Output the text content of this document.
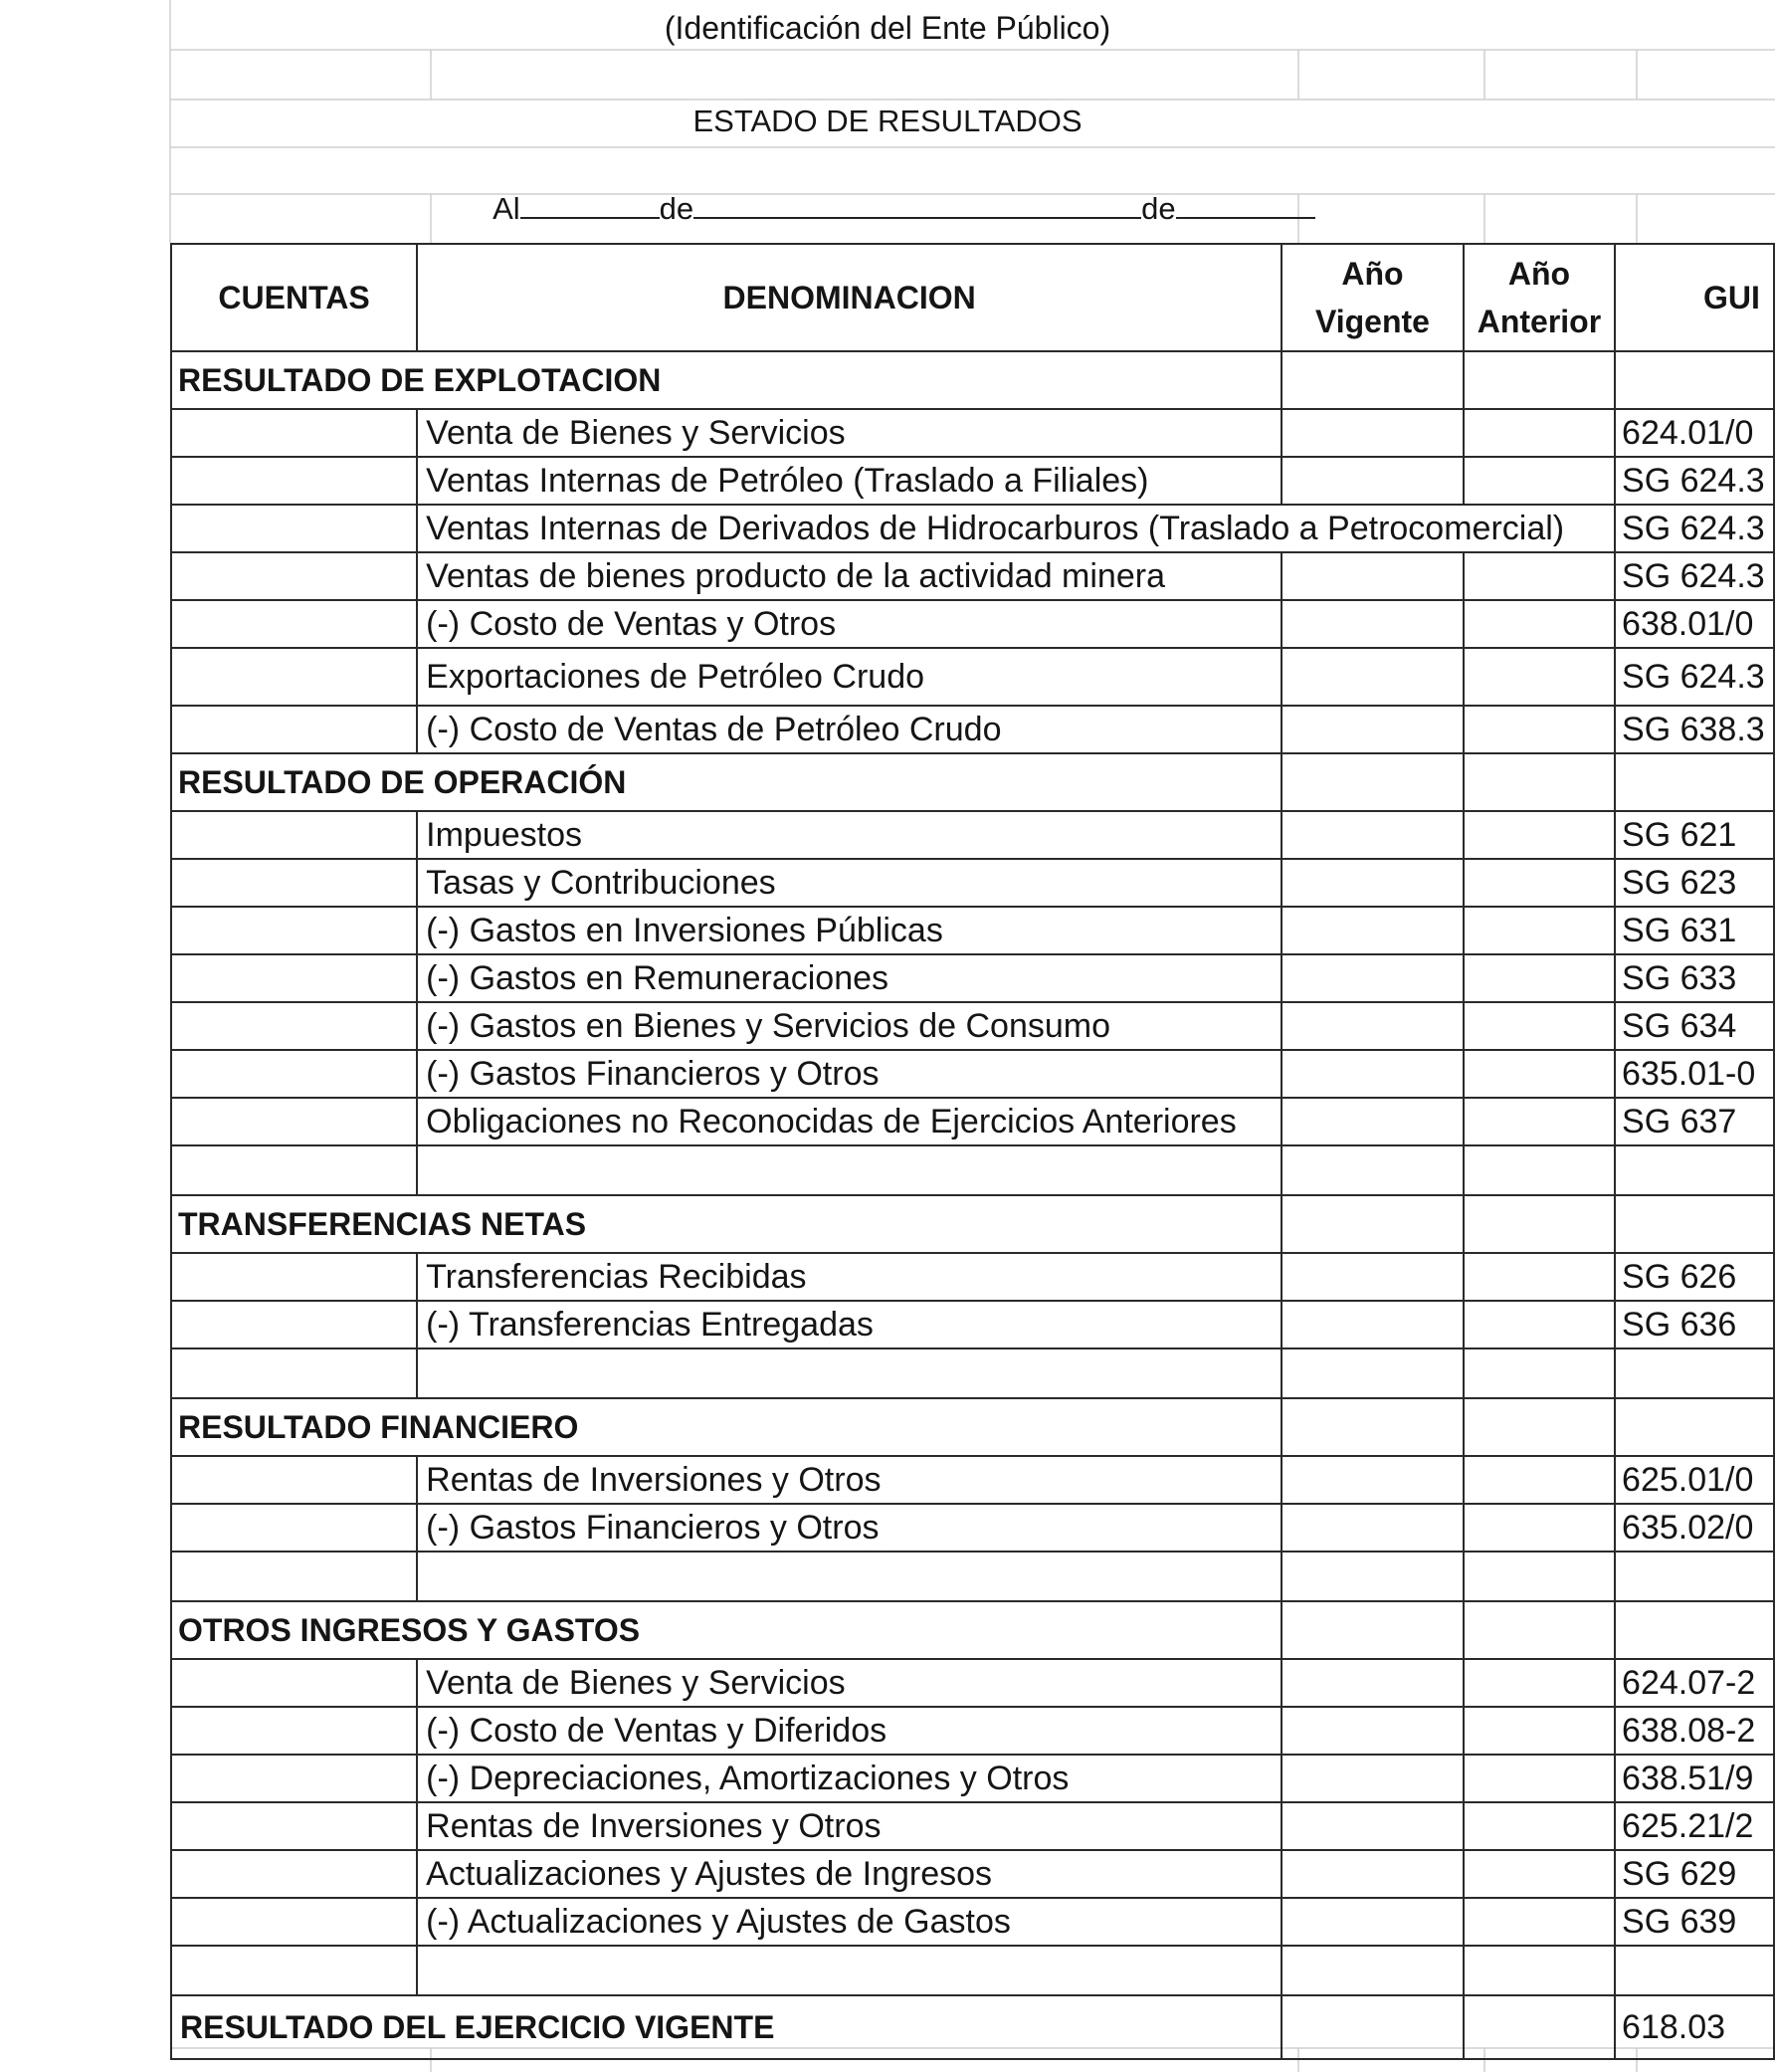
(Identificación del Ente Público)
ESTADO DE RESULTADOS

Al	de	de

CUENTAS	DENOMINACION	Año Vigente	Año Anterior	GUI
RESULTADO DE EXPLOTACION				
	Venta de Bienes y Servicios			624.01/0
	Ventas Internas de Petróleo (Traslado a Filiales)			SG 624.3
	Ventas Internas de Derivados de Hidrocarburos (Traslado a Petrocomercial)			SG 624.3
	Ventas de bienes producto de la actividad minera			SG 624.3
	(-) Costo de Ventas y Otros			638.01/0
	Exportaciones de Petróleo Crudo			SG 624.3
	(-) Costo de Ventas de Petróleo Crudo			SG 638.3
RESULTADO DE OPERACIÓN				
	Impuestos			SG 621
	Tasas y Contribuciones			SG 623
	(-) Gastos en Inversiones Públicas			SG 631
	(-) Gastos en Remuneraciones			SG 633
	(-) Gastos en Bienes y Servicios de Consumo			SG 634
	(-) Gastos Financieros y Otros			635.01-0
	Obligaciones no Reconocidas de Ejercicios Anteriores			SG 637

TRANSFERENCIAS NETAS				
	Transferencias Recibidas			SG 626
	(-) Transferencias Entregadas			SG 636

RESULTADO FINANCIERO				
	Rentas de Inversiones y Otros			625.01/0
	(-) Gastos Financieros y Otros			635.02/0

OTROS INGRESOS Y GASTOS				
	Venta de Bienes y Servicios			624.07-2
	(-) Costo de Ventas y Diferidos			638.08-2
	(-) Depreciaciones, Amortizaciones y Otros			638.51/9
	Rentas de Inversiones y Otros			625.21/2
	Actualizaciones y Ajustes de Ingresos			SG 629
	(-) Actualizaciones y Ajustes de Gastos			SG 639

RESULTADO DEL EJERCICIO VIGENTE				618.03
